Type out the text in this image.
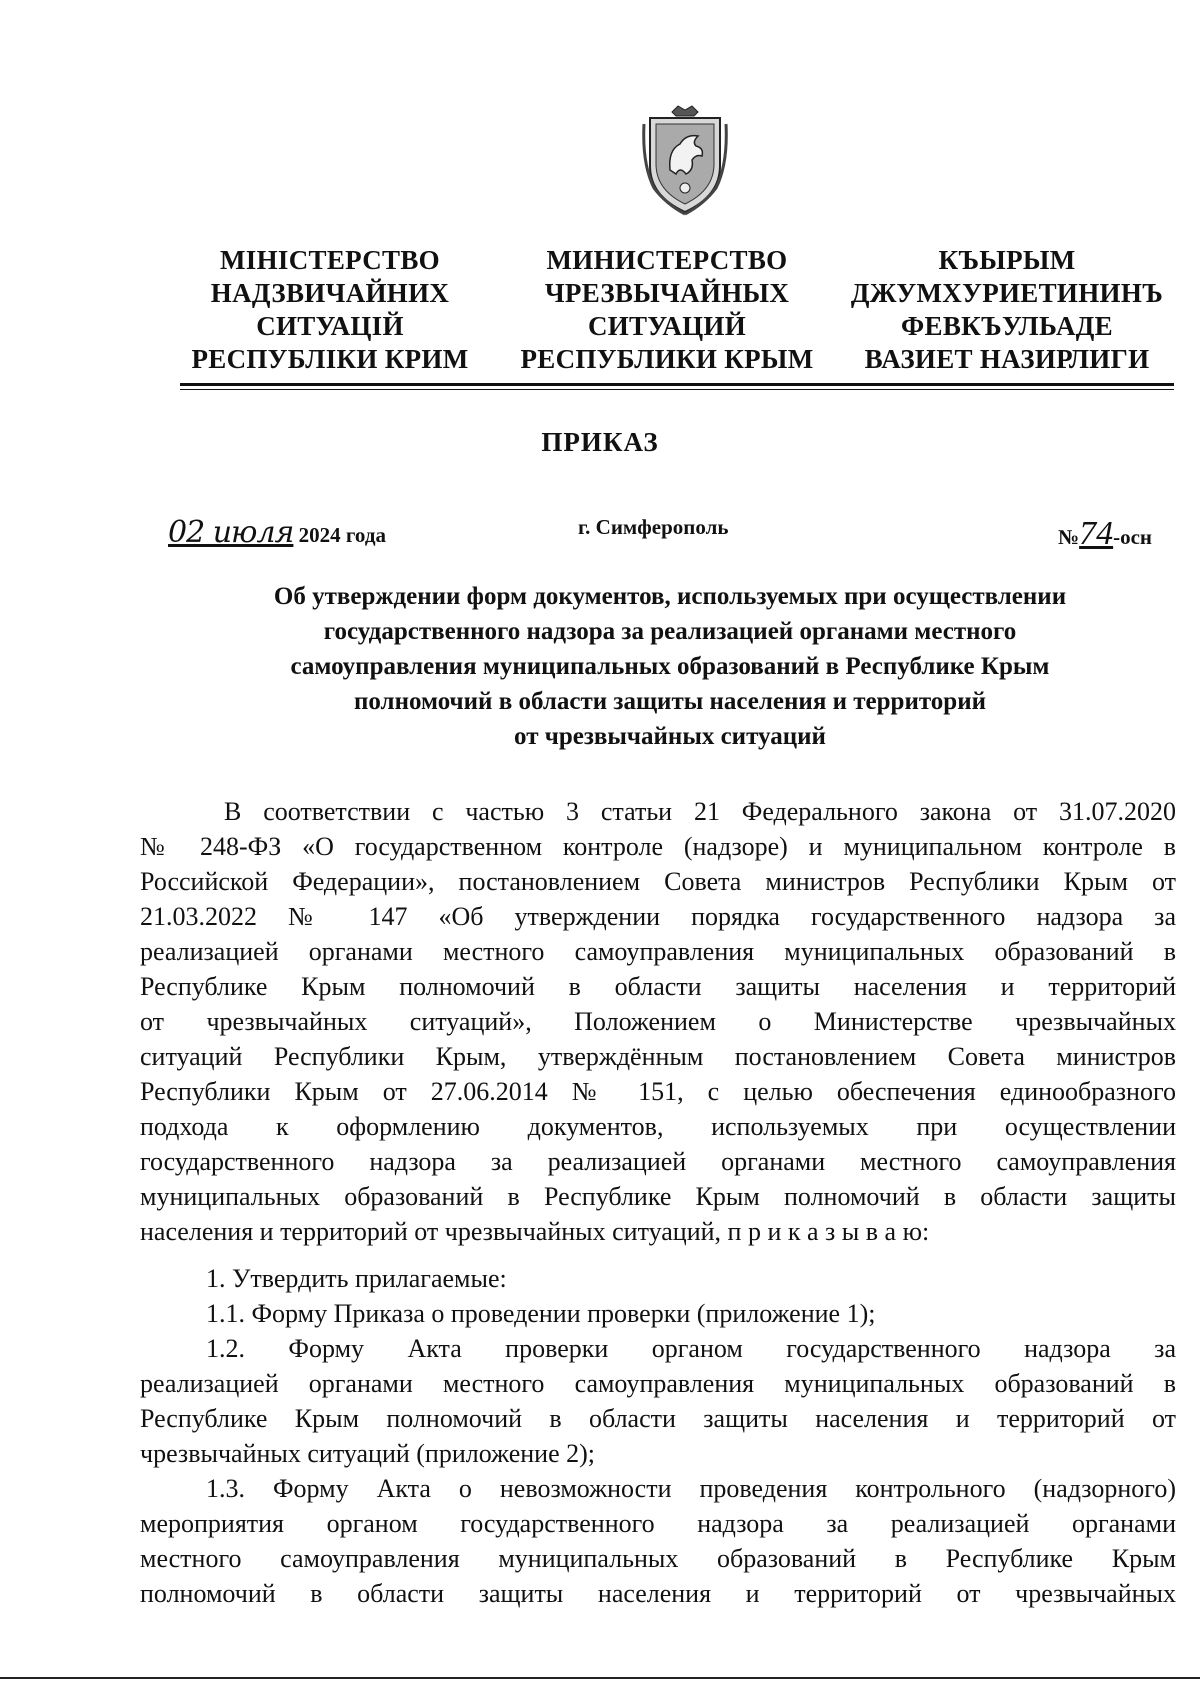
МІНІСТЕРСТВО
НАДЗВИЧАЙНИХ
СИТУАЦІЙ
РЕСПУБЛІКИ КРИМ
МИНИСТЕРСТВО
ЧРЕЗВЫЧАЙНЫХ
СИТУАЦИЙ
РЕСПУБЛИКИ КРЫМ
КЪЫРЫМ
ДЖУМХУРИЕТИНИНЪ
ФЕВКЪУЛЬАДЕ
ВАЗИЕТ НАЗИРЛИГИ
ПРИКАЗ
02 июля 2024 года	г. Симферополь	№74-осн
Об утверждении форм документов, используемых при осуществлении
государственного надзора за реализацией органами местного
самоуправления муниципальных образований в Республике Крым
полномочий в области защиты населения и территорий
от чрезвычайных ситуаций
В соответствии с частью 3 статьи 21 Федерального закона от 31.07.2020
№ 248-ФЗ «О государственном контроле (надзоре) и муниципальном контроле в
Российской Федерации», постановлением Совета министров Республики Крым от
21.03.2022 № 147 «Об утверждении порядка государственного надзора за
реализацией органами местного самоуправления муниципальных образований в
Республике Крым полномочий в области защиты населения и территорий
от чрезвычайных ситуаций», Положением о Министерстве чрезвычайных
ситуаций Республики Крым, утверждённым постановлением Совета министров
Республики Крым от 27.06.2014 № 151, с целью обеспечения единообразного
подхода к оформлению документов, используемых при осуществлении
государственного надзора за реализацией органами местного самоуправления
муниципальных образований в Республике Крым полномочий в области защиты
населения и территорий от чрезвычайных ситуаций, п р и к а з ы в а ю:
1. Утвердить прилагаемые:
1.1. Форму Приказа о проведении проверки (приложение 1);
1.2. Форму Акта проверки органом государственного надзора за
реализацией органами местного самоуправления муниципальных образований в
Республике Крым полномочий в области защиты населения и территорий от
чрезвычайных ситуаций (приложение 2);
1.3. Форму Акта о невозможности проведения контрольного (надзорного)
мероприятия органом государственного надзора за реализацией органами
местного самоуправления муниципальных образований в Республике Крым
полномочий в области защиты населения и территорий от чрезвычайных
